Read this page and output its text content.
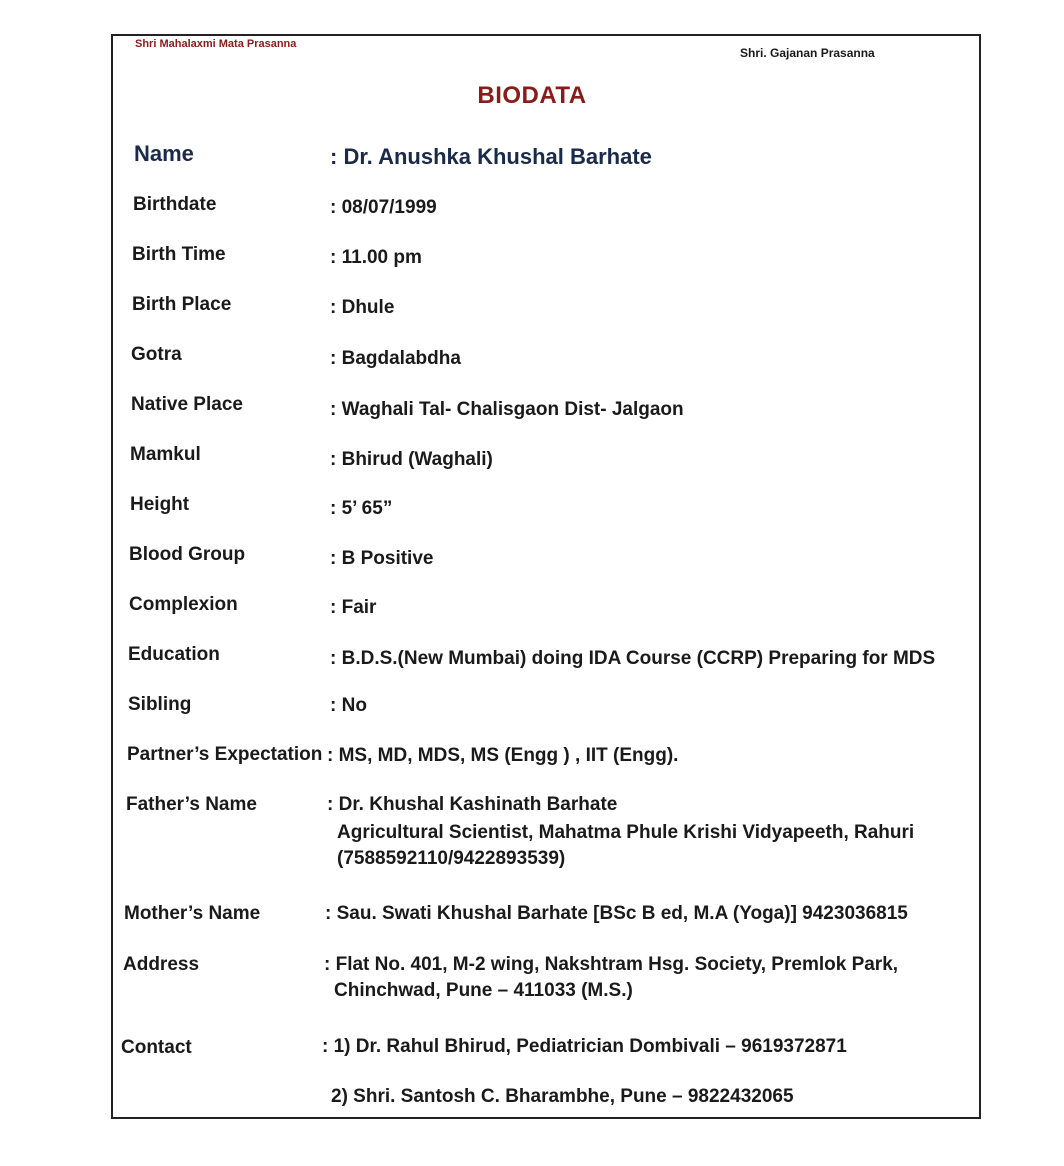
Shri Mahalaxmi Mata Prasanna
Shri. Gajanan Prasanna
BIODATA
Name	: Dr. Anushka Khushal Barhate
Birthdate	: 08/07/1999
Birth Time	: 11.00 pm
Birth Place	: Dhule
Gotra	: Bagdalabdha
Native Place	: Waghali Tal- Chalisgaon Dist- Jalgaon
Mamkul	: Bhirud (Waghali)
Height	: 5’ 65”
Blood Group	: B Positive
Complexion	: Fair
Education	: B.D.S.(New Mumbai) doing IDA Course (CCRP) Preparing for MDS
Sibling	: No
Partner’s Expectation : MS, MD, MDS, MS (Engg ) , IIT (Engg).
Father’s Name	: Dr. Khushal Kashinath Barhate
Agricultural Scientist, Mahatma Phule Krishi Vidyapeeth, Rahuri
(7588592110/9422893539)
Mother’s Name	: Sau. Swati Khushal Barhate [BSc B ed, M.A (Yoga)] 9423036815
Address	: Flat No. 401, M-2 wing, Nakshtram Hsg. Society, Premlok Park,
Chinchwad, Pune – 411033 (M.S.)
Contact	: 1) Dr. Rahul Bhirud, Pediatrician Dombivali – 9619372871
2) Shri. Santosh C. Bharambhe, Pune – 9822432065
